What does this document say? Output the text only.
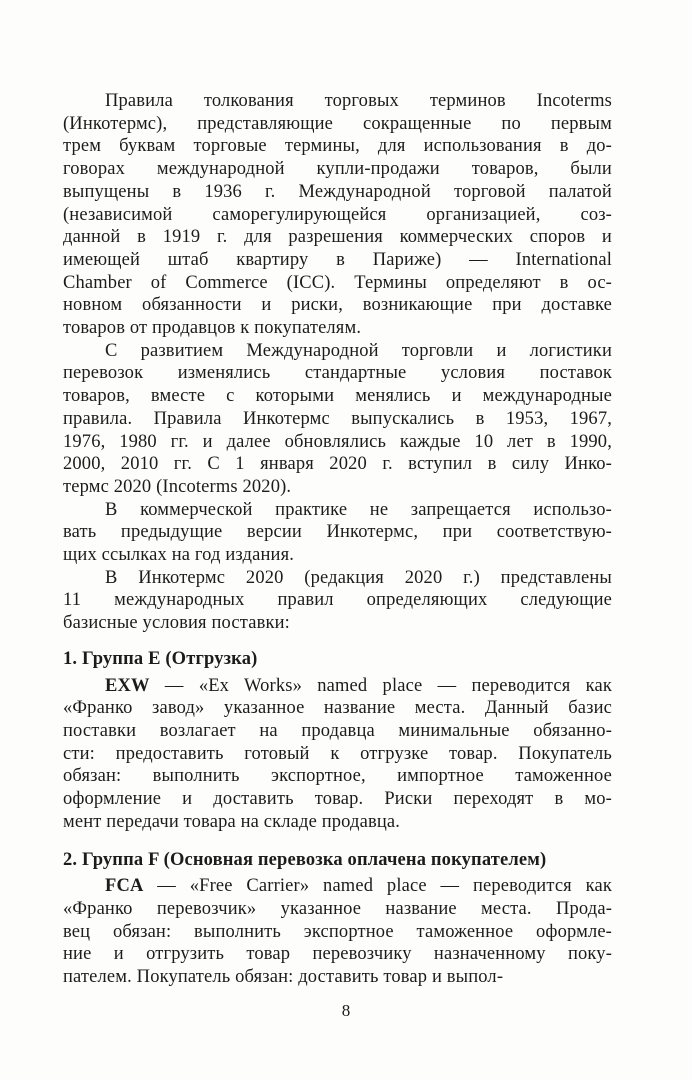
Правила толкования торговых терминов Incoterms
(Инкотермс), представляющие сокращенные по первым
трем буквам торговые термины, для использования в до-
говорах международной купли-продажи товаров, были
выпущены в 1936 г. Международной торговой палатой
(независимой саморегулирующейся организацией, соз-
данной в 1919 г. для разрешения коммерческих споров и
имеющей штаб квартиру в Париже) — International
Chamber of Commerce (ICC). Термины определяют в ос-
новном обязанности и риски, возникающие при доставке
товаров от продавцов к покупателям.
С развитием Международной торговли и логистики
перевозок изменялись стандартные условия поставок
товаров, вместе с которыми менялись и международные
правила. Правила Инкотермс выпускались в 1953, 1967,
1976, 1980 гг. и далее обновлялись каждые 10 лет в 1990,
2000, 2010 гг. С 1 января 2020 г. вступил в силу Инко-
термс 2020 (Incoterms 2020).
В коммерческой практике не запрещается использо-
вать предыдущие версии Инкотермс, при соответствую-
щих ссылках на год издания.
В Инкотермс 2020 (редакция 2020 г.) представлены
11 международных правил определяющих следующие
базисные условия поставки:
1. Группа E (Отгрузка)
EXW — «Ex Works» named place — переводится как
«Франко завод» указанное название места. Данный базис
поставки возлагает на продавца минимальные обязанно-
сти: предоставить готовый к отгрузке товар. Покупатель
обязан: выполнить экспортное, импортное таможенное
оформление и доставить товар. Риски переходят в мо-
мент передачи товара на складе продавца.
2. Группа F (Основная перевозка оплачена покупателем)
FCA — «Free Carrier» named place — переводится как
«Франко перевозчик» указанное название места. Прода-
вец обязан: выполнить экспортное таможенное оформле-
ние и отгрузить товар перевозчику назначенному поку-
пателем. Покупатель обязан: доставить товар и выпол-
8
